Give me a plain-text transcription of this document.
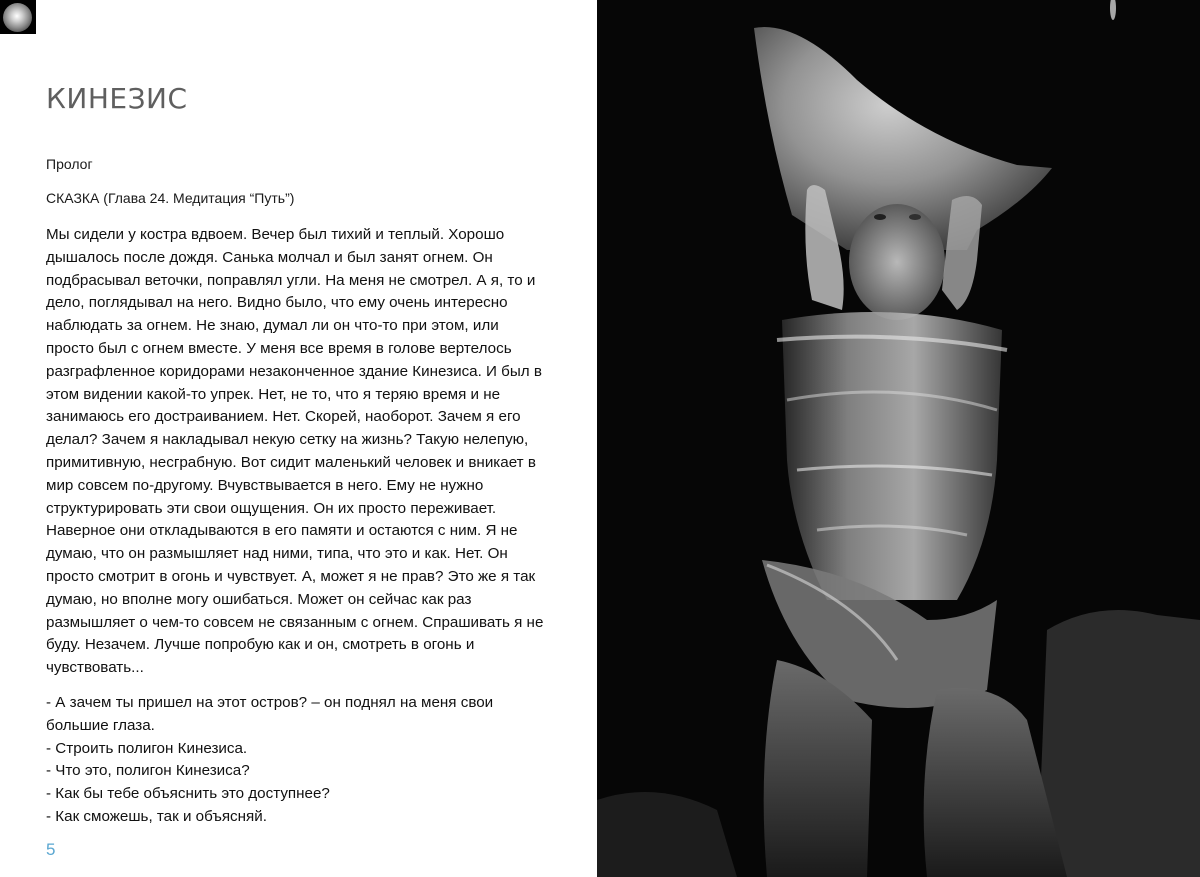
КИНЕЗИС

Пролог

СКАЗКА (Глава 24. Медитация “Путь”)

Мы сидели у костра вдвоем. Вечер был тихий и теплый. Хорошо
дышалось после дождя. Санька молчал и был занят огнем. Он
подбрасывал веточки, поправлял угли. На меня не смотрел. А я, то и
дело, поглядывал на него. Видно было, что ему очень интересно
наблюдать за огнем. Не знаю, думал ли он что-то при этом, или
просто был с огнем вместе. У меня все время в голове вертелось
разграфленное коридорами незаконченное здание Кинезиса. И был в
этом видении какой-то упрек. Нет, не то, что я теряю время и не
занимаюсь его достраиванием. Нет. Скорей, наоборот. Зачем я его
делал? Зачем я накладывал некую сетку на жизнь? Такую нелепую,
примитивную, несграбную. Вот сидит маленький человек и вникает в
мир совсем по-другому. Вчувствывается в него. Ему не нужно
структурировать эти свои ощущения. Он их просто переживает.
Наверное они откладываются в его памяти и остаются с ним. Я не
думаю, что он размышляет над ними, типа, что это и как. Нет. Он
просто смотрит в огонь и чувствует. А, может я не прав? Это же я так
думаю, но вполне могу ошибаться. Может он сейчас как раз
размышляет о чем-то совсем не связанным с огнем. Спрашивать я не
буду. Незачем. Лучше попробую как и он, смотреть в огонь и
чувствовать...

- А зачем ты пришел на этот остров? – он поднял на меня свои
большие глаза.
- Строить полигон Кинезиса.
- Что это, полигон Кинезиса?
- Как бы тебе объяснить это доступнее?
- Как сможешь, так и объясняй.

5
